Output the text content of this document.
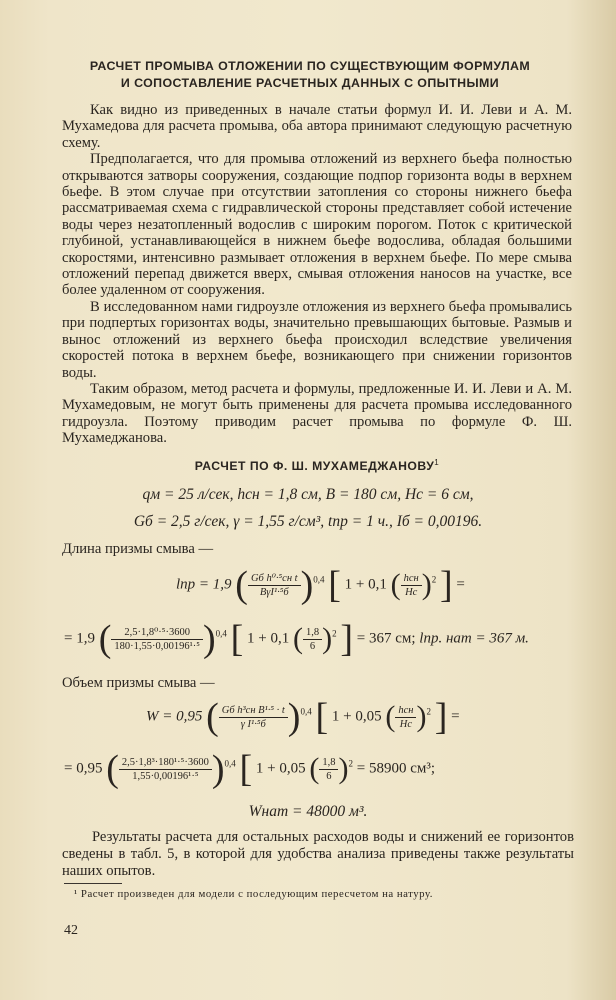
РАСЧЕТ ПРОМЫВА ОТЛОЖЕНИИ ПО СУЩЕСТВУЮЩИМ ФОРМУЛАМ
И СОПОСТАВЛЕНИЕ РАСЧЕТНЫХ ДАННЫХ С ОПЫТНЫМИ

Как видно из приведенных в начале статьи формул И. И. Леви и А. М. Мухамедова для расчета промыва, оба автора принимают следующую расчетную схему.

Предполагается, что для промыва отложений из верхнего бьефа полностью открываются затворы сооружения, создающие подпор горизонта воды в верхнем бьефе. В этом случае при отсутствии затопления со стороны нижнего бьефа рассматриваемая схема с гидравлической стороны представляет собой истечение воды через незатопленный водослив с широким порогом. Поток с критической глубиной, устанавливающейся в нижнем бьефе водослива, обладая большими скоростями, интенсивно размывает отложения в верхнем бьефе. По мере смыва отложений перепад движется вверх, смывая отложения наносов на участке, все более удаленном от сооружения.

В исследованном нами гидроузле отложения из верхнего бьефа промывались при подпертых горизонтах воды, значительно превышающих бытовые. Размыв и вынос отложений из верхнего бьефа происходил вследствие увеличения скоростей потока в верхнем бьефе, возникающего при снижении горизонтов воды.

Таким образом, метод расчета и формулы, предложенные И. И. Леви и А. М. Мухамедовым, не могут быть применены для расчета промыва исследованного гидроузла. Поэтому приводим расчет промыва по формуле Ф. Ш. Мухамеджанова.

РАСЧЕТ ПО Ф. Ш. МУХАМЕДЖАНОВУ$^1$
qм = 25 л/сек, hсн = 1,8 см, B = 180 см, Hс = 6 см,
Gб = 2,5 г/сек, γ = 1,55 г/см³, tпр = 1 ч., Iб = 0,00196.
Длина призмы смыва —
lпр = 1,9 ( $\frac{\text{Gб h⁰·⁵сн t}}{\text{BγI¹·⁵б}} )^{0,4}$ [ 1 + 0,1 ( $\frac{\text{hсн}}{Hс} )^2$ ] =
= 1,9 ( $\frac{\text{2,5·1,8⁰·⁵·3600}}{\text{180·1,55·0,00196¹·⁵}} )^{0,4}$ [ 1 + 0,1 ( $\frac{1,8}{6} )^2$ ] = 367 см; lпр. нат = 367 м.
Объем призмы смыва —
W = 0,95 ( $\frac{\text{Gб h³сн B¹·⁵ · t}}{\text{γ I¹·⁵б}} )^{0,4}$ [ 1 + 0,05 ( $\frac{\text{hсн}}{Hс} )^2$ ] =
= 0,95 ( $\frac{\text{2,5·1,8³·180¹·⁵·3600}}{\text{1,55·0,00196¹·⁵}} )^{0,4}$ [ 1 + 0,05 ( $\frac{1,8}{6} )^2 = 58900$ см³;
Wнат = 48000 м³.

Результаты расчета для остальных расходов воды и снижений ее горизонтов сведены в табл. 5, в которой для удобства анализа приведены также результаты наших опытов.

¹ Расчет произведен для модели с последующим пересчетом на натуру.
42
